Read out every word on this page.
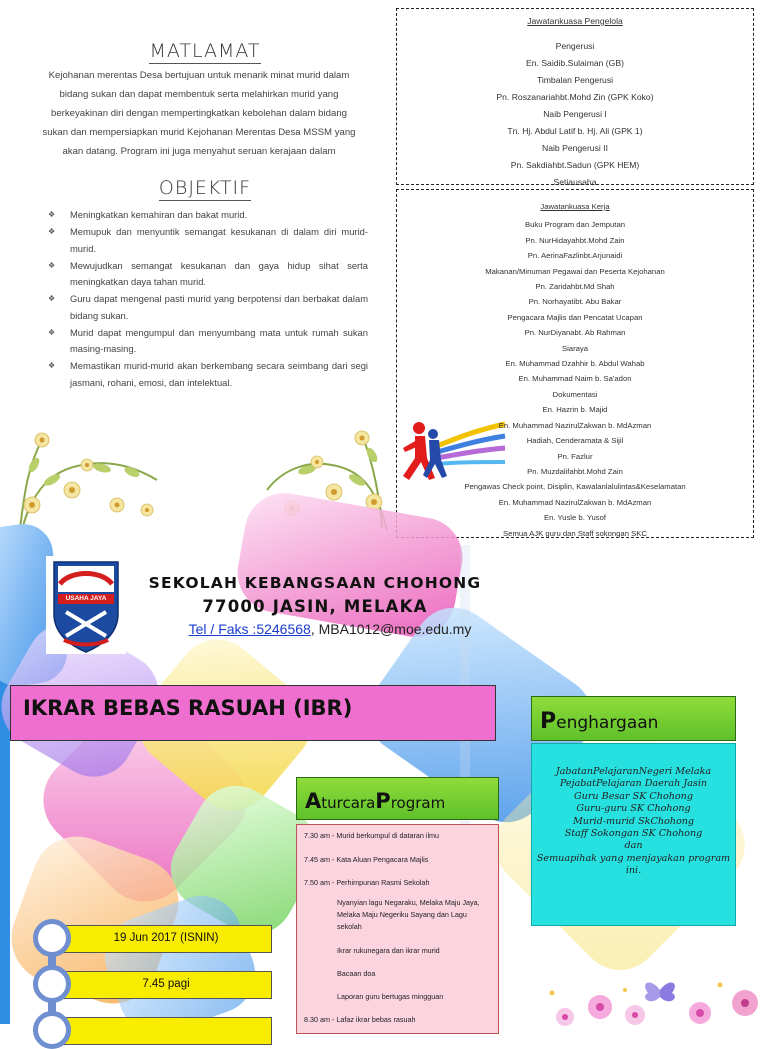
MATLAMAT
Kejohanan merentas Desa bertujuan untuk menarik minat murid dalam
bidang sukan dan dapat membentuk serta melahirkan murid yang
berkeyakinan diri dengan mempertingkatkan kebolehan dalam bidang
sukan dan mempersiapkan murid Kejohanan Merentas Desa MSSM yang
akan datang. Program ini juga menyahut seruan kerajaan dalam
OBJEKTIF
❖ Meningkatkan kemahiran dan bakat murid.
❖ Memupuk dan menyuntik semangat kesukanan di dalam diri murid-murid.
❖ Mewujudkan semangat kesukanan dan gaya hidup sihat serta meningkatkan daya tahan murid.
❖ Guru dapat mengenal pasti murid yang berpotensi dan berbakat dalam bidang sukan.
❖ Murid dapat mengumpul dan menyumbang mata untuk rumah sukan masing-masing.
❖ Memastikan murid-murid akan berkembang secara seimbang dari segi jasmani, rohani, emosi, dan intelektual.
Jawatankuasa Pengelola
Pengerusi
En. Saidib.Sulaiman (GB)
Timbalan Pengerusi
Pn. Roszanariahbt.Mohd Zin (GPK Koko)
Naib Pengerusi I
Tn. Hj. Abdul Latif b. Hj. Ali (GPK 1)
Naib Pengerusi II
Pn. Sakdiahbt.Sadun (GPK HEM)
Setiausaha
Jawatankuasa Kerja
Buku Program dan Jemputan
Pn. NurHidayahbt.Mohd Zain
Pn. AerinaFazlinbt.Arjunaidi
Makanan/Minuman Pegawai dan Peserta Kejohanan
Pn. Zaridahbt.Md Shah
Pn. Norhayatibt. Abu Bakar
Pengacara Majlis dan Pencatat Ucapan
Pn. NurDiyanabt. Ab Rahman
Siaraya
En. Muhammad Dzahhir b. Abdul Wahab
En. Muhammad Naim b. Sa'adon
Dokumentasi
En. Hazrin b. Majid
En. Muhammad NazirulZakwan b. MdAzman
Hadiah, Cenderamata & Sijil
Pn. Fazlur
Pn. Muzdalifahbt.Mohd Zain
Pengawas Check point, Disiplin, Kawalanlalulintas&Keselamatan
En. Muhammad NazirulZakwan b. MdAzman
En. Yusle b. Yusof
Semua AJK guru dan Staff sokongan SKC
USAHA JAYA
SEKOLAH KEBANGSAAN CHOHONG
77000 JASIN, MELAKA
Tel / Faks :5246568, MBA1012@moe.edu.my
IKRAR BEBAS RASUAH (IBR)
Penghargaan
JabatanPelajaranNegeri Melaka
PejabatPelajaran Daerah Jasin
Guru Besar SK Chohong
Guru-guru SK Chohong
Murid-murid SkChohong
Staff Sokongan SK Chohong
dan
Semuapihak yang menjayakan program
ini.
AturcaraProgram
7.30 am - Murid berkumpul di dataran ilmu
7.45 am - Kata Aluan Pengacara Majlis
7.50 am - Perhimpunan Rasmi Sekolah
Nyanyian lagu Negaraku, Melaka Maju Jaya, Melaka Maju Negeriku Sayang dan Lagu sekolah
Ikrar rukunegara dan ikrar murid
Bacaan doa
Laporan guru bertugas mingguan
8.30 am - Lafaz ikrar bebas rasuah
19 Jun 2017 (ISNIN)
7.45 pagi
